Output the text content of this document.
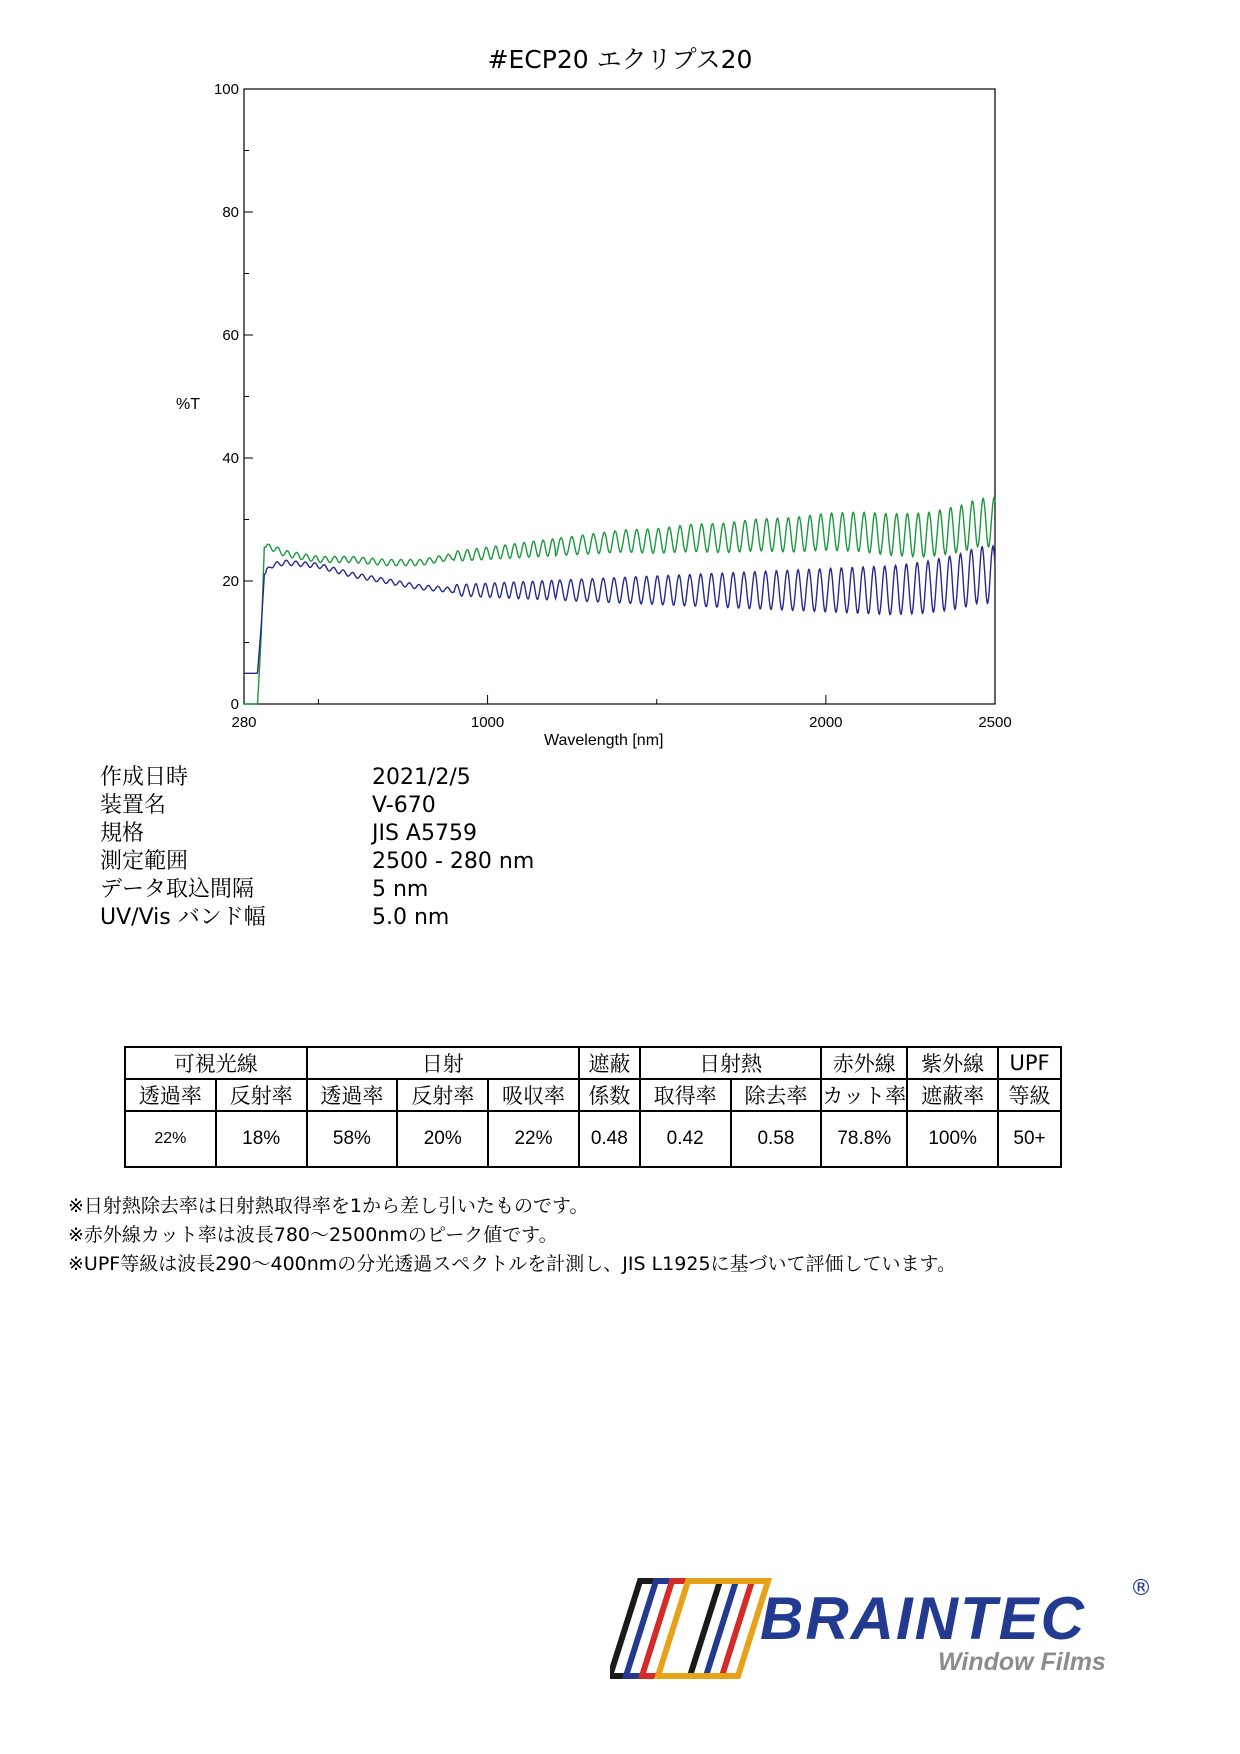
#ECP20 エクリプス20
0
20
40
60
80
100
280	1000	2000	2500
%T
Wavelength [nm]
作成日時	2021/2/5
装置名	V-670
規格	JIS A5759
測定範囲	2500 - 280 nm
データ取込間隔	5 nm
UV/Vis バンド幅	5.0 nm
可視光線		日射			遮蔽	日射熱		赤外線	紫外線	UPF
透過率	反射率	透過率	反射率	吸収率	係数	取得率	除去率	カット率	遮蔽率	等級
22%	18%	58%	20%	22%	0.48	0.42	0.58	78.8%	100%	50+
※日射熱除去率は日射熱取得率を1から差し引いたものです。
※赤外線カット率は波長780～2500nmのピーク値です。
※UPF等級は波長290～400nmの分光透過スペクトルを計測し、JIS L1925に基づいて評価しています。
BRAINTEC ®
Window Films
